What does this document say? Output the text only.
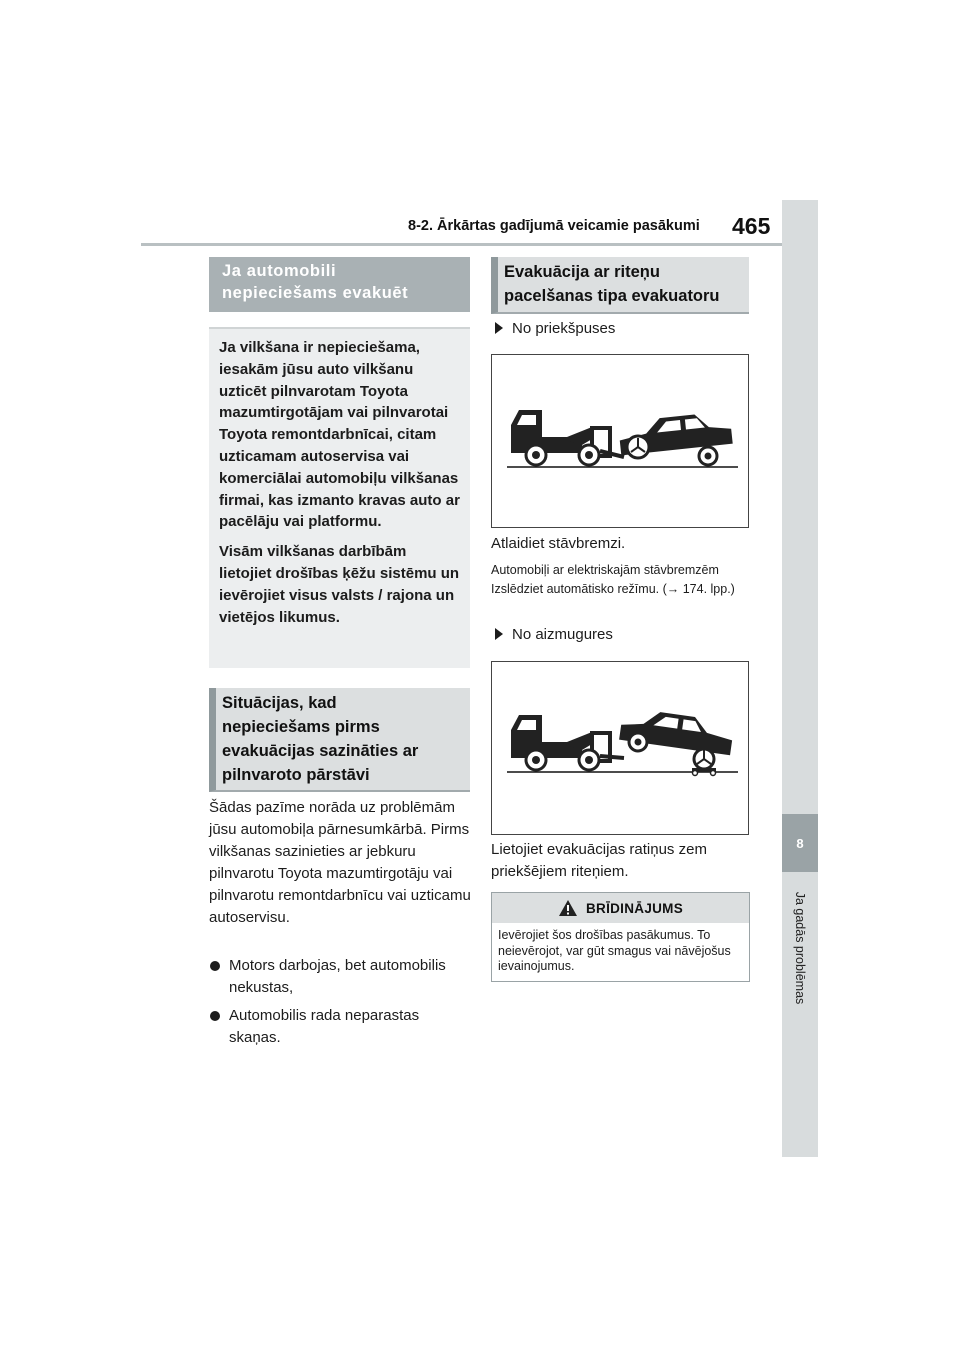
8-2. Ārkārtas gadījumā veicamie pasākumi 465
8
Ja gadās problēmas
Ja automobili
nepieciešams evakuēt

Ja vilkšana ir nepieciešama, iesakām jūsu auto vilkšanu uzticēt pilnvarotam Toyota mazumtirgotājam vai pilnvarotai Toyota remontdarbnīcai, citam uzticamam autoservisa vai komerciālai automobiļu vilkšanas firmai, kas izmanto kravas auto ar pacēlāju vai platformu.

Visām vilkšanas darbībām lietojiet drošības ķēžu sistēmu un ievērojiet visus valsts / rajona un vietējos likumus.

Situācijas, kad
nepieciešams pirms
evakuācijas sazināties ar
pilnvaroto pārstāvi
Šādas pazīme norāda uz problēmām jūsu automobiļa pārnesumkārbā. Pirms vilkšanas sazinieties ar jebkuru pilnvarotu Toyota mazumtirgotāju vai pilnvarotu remontdarbnīcu vai uzticamu autoservisu.
Motors darbojas, bet automobilis nekustas,
Automobilis rada neparastas skaņas.
Evakuācija ar riteņu
pacelšanas tipa evakuatoru
No priekšpuses
Atlaidiet stāvbremzi.
Automobiļi ar elektriskajām stāvbremzēm Izslēdziet automātisko režīmu. (→ 174. lpp.)
No aizmugures
Lietojiet evakuācijas ratiņus zem priekšējiem riteņiem.
BRĪDINĀJUMS
Ievērojiet šos drošības pasākumus. To neievērojot, var gūt smagus vai nāvējošus ievainojumus.
